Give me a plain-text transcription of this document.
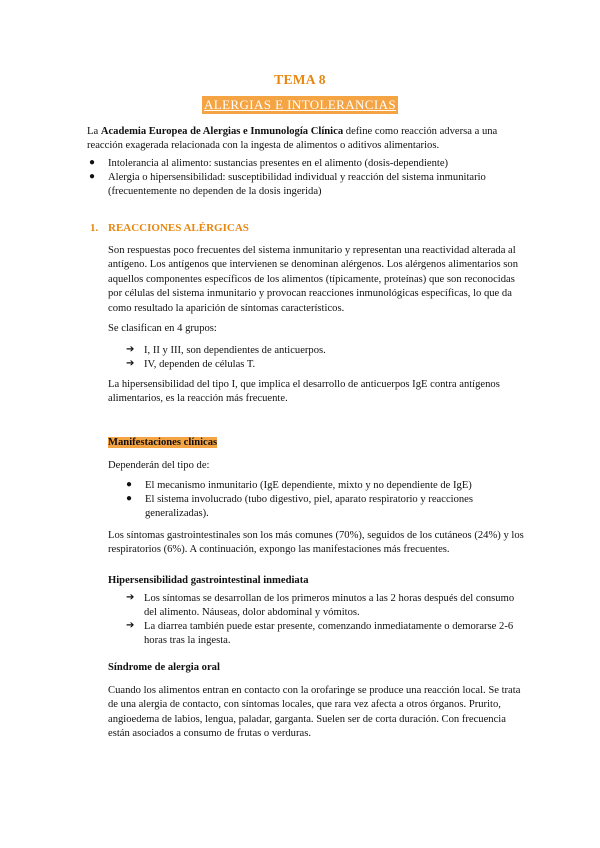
TEMA 8
ALERGIAS E INTOLERANCIAS

La Academia Europea de Alergias e Inmunología Clínica define como reacción adversa a una reacción exagerada relacionada con la ingesta de alimentos o aditivos alimentarios.

● Intolerancia al alimento: sustancias presentes en el alimento (dosis-dependiente)

● Alergia o hipersensibilidad: susceptibilidad individual y reacción del sistema inmunitario (frecuentemente no dependen de la dosis ingerida)

1. REACCIONES ALÉRGICAS

Son respuestas poco frecuentes del sistema inmunitario y representan una reactividad alterada al antígeno. Los antígenos que intervienen se denominan alérgenos. Los alérgenos alimentarios son aquellos componentes específicos de los alimentos (típicamente, proteínas) que son reconocidas por células del sistema inmunitario y provocan reacciones inmunológicas específicas, lo que da como resultado la aparición de síntomas característicos.

Se clasifican en 4 grupos:

➔ I, II y III, son dependientes de anticuerpos.

➔ IV, dependen de células T.

La hipersensibilidad del tipo I, que implica el desarrollo de anticuerpos IgE contra antígenos alimentarios, es la reacción más frecuente.

Manifestaciones clínicas

Dependerán del tipo de:

● El mecanismo inmunitario (IgE dependiente, mixto y no dependiente de IgE)

● El sistema involucrado (tubo digestivo, piel, aparato respiratorio y reacciones generalizadas).

Los síntomas gastrointestinales son los más comunes (70%), seguidos de los cutáneos (24%) y los respiratorios (6%). A continuación, expongo las manifestaciones más frecuentes.

Hipersensibilidad gastrointestinal inmediata

➔ Los síntomas se desarrollan de los primeros minutos a las 2 horas después del consumo del alimento. Náuseas, dolor abdominal y vómitos.

➔ La diarrea también puede estar presente, comenzando inmediatamente o demorarse 2-6 horas tras la ingesta.

Síndrome de alergia oral

Cuando los alimentos entran en contacto con la orofaringe se produce una reacción local. Se trata de una alergia de contacto, con síntomas locales, que rara vez afecta a otros órganos. Prurito, angioedema de labios, lengua, paladar, garganta. Suelen ser de corta duración. Con frecuencia están asociados a consumo de frutas o verduras.
